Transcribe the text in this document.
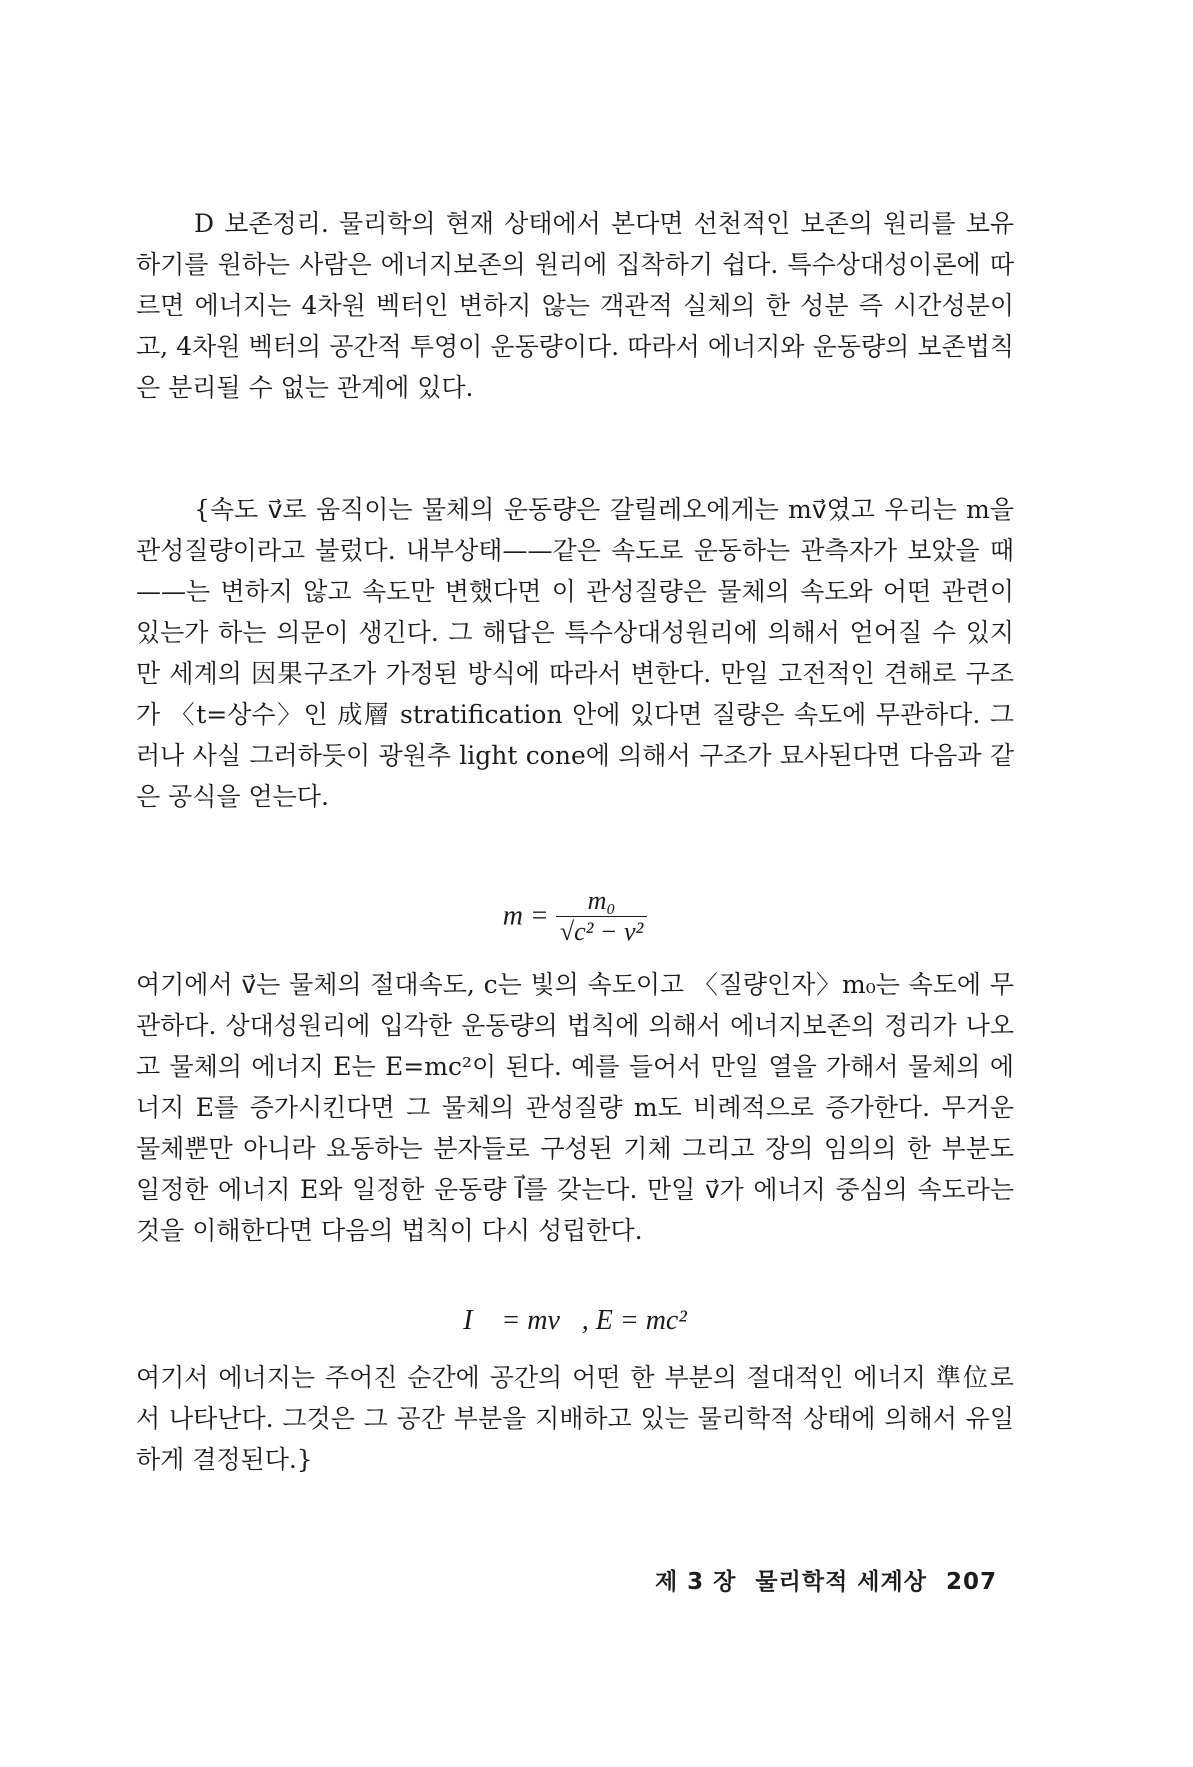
D 보존정리. 물리학의 현재 상태에서 본다면 선천적인 보존의 원리를 보유하기를 원하는 사람은 에너지보존의 원리에 집착하기 쉽다. 특수상대성이론에 따르면 에너지는 4차원 벡터인 변하지 않는 객관적 실체의 한 성분 즉 시간성분이고, 4차원 벡터의 공간적 투영이 운동량이다. 따라서 에너지와 운동량의 보존법칙은 분리될 수 없는 관계에 있다.

{속도 v⃗로 움직이는 물체의 운동량은 갈릴레오에게는 mv⃗였고 우리는 m을 관성질량이라고 불렀다. 내부상태——같은 속도로 운동하는 관측자가 보았을 때——는 변하지 않고 속도만 변했다면 이 관성질량은 물체의 속도와 어떤 관련이 있는가 하는 의문이 생긴다. 그 해답은 특수상대성원리에 의해서 얻어질 수 있지만 세계의 因果구조가 가정된 방식에 따라서 변한다. 만일 고전적인 견해로 구조가 〈t=상수〉인 成層 stratification 안에 있다면 질량은 속도에 무관하다. 그러나 사실 그러하듯이 광원추 light cone에 의해서 구조가 묘사된다면 다음과 같은 공식을 얻는다.

$m = \frac{\text{m₀}}{\text{√c² − v²}}$

여기에서 v⃗는 물체의 절대속도, c는 빛의 속도이고 〈질량인자〉m₀는 속도에 무관하다. 상대성원리에 입각한 운동량의 법칙에 의해서 에너지보존의 정리가 나오고 물체의 에너지 E는 E=mc²이 된다. 예를 들어서 만일 열을 가해서 물체의 에너지 E를 증가시킨다면 그 물체의 관성질량 m도 비례적으로 증가한다. 무거운 물체뿐만 아니라 요동하는 분자들로 구성된 기체 그리고 장의 임의의 한 부분도 일정한 에너지 E와 일정한 운동량 I⃗를 갖는다. 만일 v⃗가 에너지 중심의 속도라는 것을 이해한다면 다음의 법칙이 다시 성립한다.

I⃗ = mv⃗, E = mc²

여기서 에너지는 주어진 순간에 공간의 어떤 한 부분의 절대적인 에너지 準位로서 나타난다. 그것은 그 공간 부분을 지배하고 있는 물리학적 상태에 의해서 유일하게 결정된다.}

제 3 장 물리학적 세계상 207
